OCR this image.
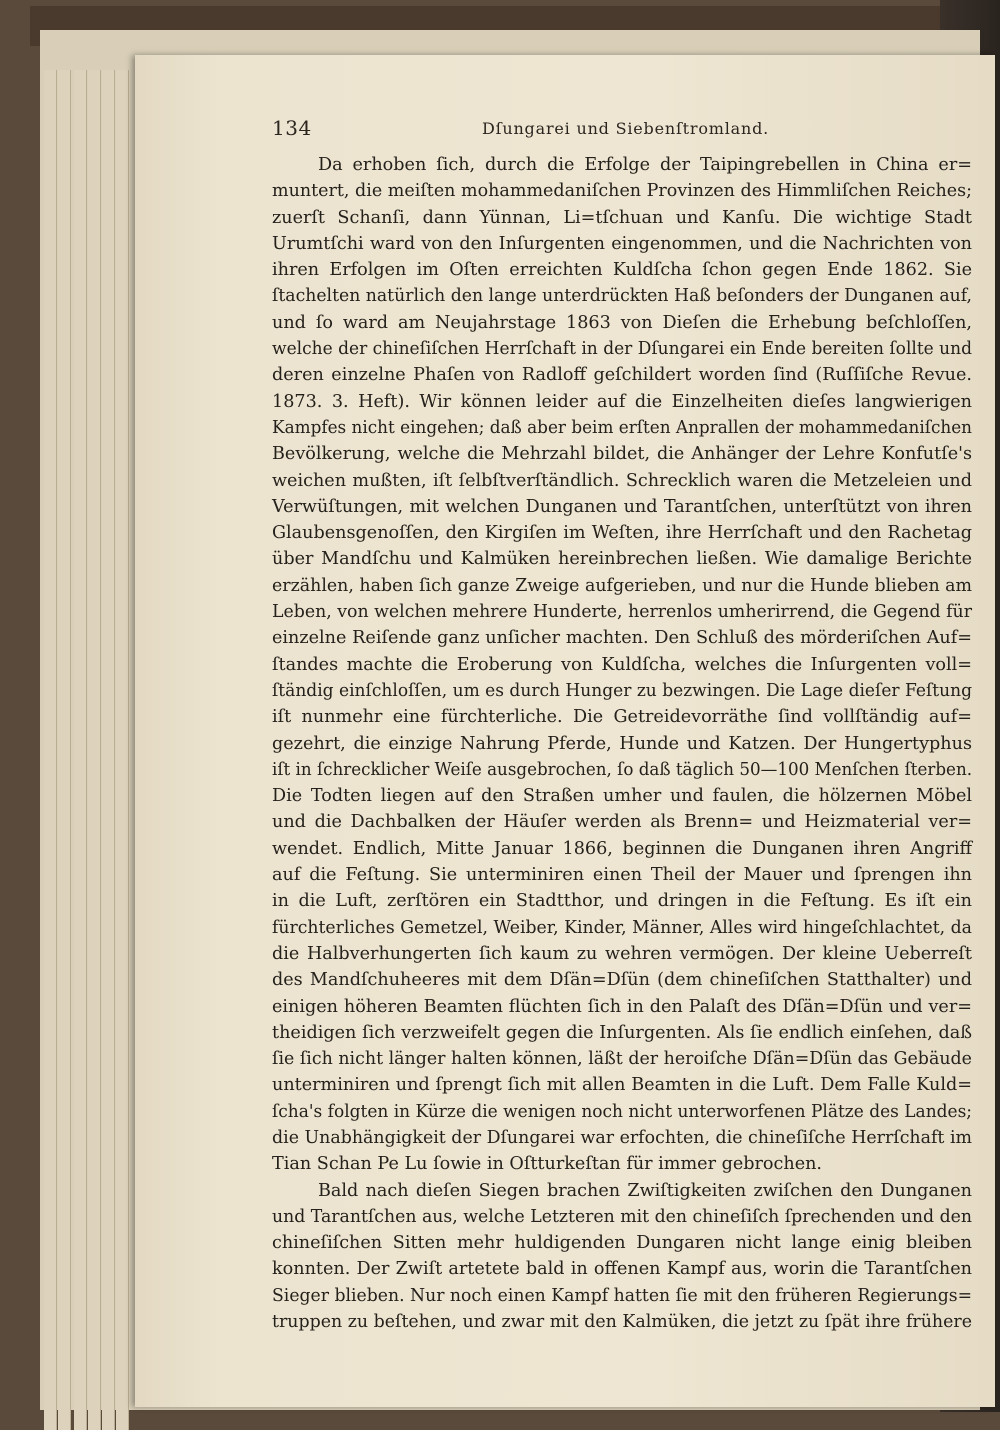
134	Dſungarei und Siebenſtromland.
Da erhoben ſich, durch die Erfolge der Taipingrebellen in China er=
muntert, die meiſten mohammedaniſchen Provinzen des Himmliſchen Reiches;
zuerſt Schanſi, dann Yünnan, Li=tſchuan und Kanſu. Die wichtige Stadt
Urumtſchi ward von den Inſurgenten eingenommen, und die Nachrichten von
ihren Erfolgen im Oſten erreichten Kuldſcha ſchon gegen Ende 1862. Sie
ſtachelten natürlich den lange unterdrückten Haß beſonders der Dunganen auf,
und ſo ward am Neujahrstage 1863 von Dieſen die Erhebung beſchloſſen,
welche der chineſiſchen Herrſchaft in der Dſungarei ein Ende bereiten ſollte und
deren einzelne Phaſen von Radloff geſchildert worden ſind (Ruſſiſche Revue.
1873. 3. Heft). Wir können leider auf die Einzelheiten dieſes langwierigen
Kampfes nicht eingehen; daß aber beim erſten Anprallen der mohammedaniſchen
Bevölkerung, welche die Mehrzahl bildet, die Anhänger der Lehre Konfutſe's
weichen mußten, iſt ſelbſtverſtändlich. Schrecklich waren die Metzeleien und
Verwüſtungen, mit welchen Dunganen und Tarantſchen, unterſtützt von ihren
Glaubensgenoſſen, den Kirgiſen im Weſten, ihre Herrſchaft und den Rachetag
über Mandſchu und Kalmüken hereinbrechen ließen. Wie damalige Berichte
erzählen, haben ſich ganze Zweige aufgerieben, und nur die Hunde blieben am
Leben, von welchen mehrere Hunderte, herrenlos umherirrend, die Gegend für
einzelne Reiſende ganz unſicher machten. Den Schluß des mörderiſchen Auf=
ſtandes machte die Eroberung von Kuldſcha, welches die Inſurgenten voll=
ſtändig einſchloſſen, um es durch Hunger zu bezwingen. Die Lage dieſer Feſtung
iſt nunmehr eine fürchterliche. Die Getreidevorräthe ſind vollſtändig auf=
gezehrt, die einzige Nahrung Pferde, Hunde und Katzen. Der Hungertyphus
iſt in ſchrecklicher Weiſe ausgebrochen, ſo daß täglich 50—100 Menſchen ſterben.
Die Todten liegen auf den Straßen umher und faulen, die hölzernen Möbel
und die Dachbalken der Häuſer werden als Brenn= und Heizmaterial ver=
wendet. Endlich, Mitte Januar 1866, beginnen die Dunganen ihren Angriff
auf die Feſtung. Sie unterminiren einen Theil der Mauer und ſprengen ihn
in die Luft, zerſtören ein Stadtthor, und dringen in die Feſtung. Es iſt ein
fürchterliches Gemetzel, Weiber, Kinder, Männer, Alles wird hingeſchlachtet, da
die Halbverhungerten ſich kaum zu wehren vermögen. Der kleine Ueberreſt
des Mandſchuheeres mit dem Dſän=Dſün (dem chineſiſchen Statthalter) und
einigen höheren Beamten flüchten ſich in den Palaſt des Dſän=Dſün und ver=
theidigen ſich verzweifelt gegen die Inſurgenten. Als ſie endlich einſehen, daß
ſie ſich nicht länger halten können, läßt der heroiſche Dſän=Dſün das Gebäude
unterminiren und ſprengt ſich mit allen Beamten in die Luft. Dem Falle Kuld=
ſcha's folgten in Kürze die wenigen noch nicht unterworfenen Plätze des Landes;
die Unabhängigkeit der Dſungarei war erfochten, die chineſiſche Herrſchaft im
Tian Schan Pe Lu ſowie in Oſtturkeſtan für immer gebrochen.
Bald nach dieſen Siegen brachen Zwiſtigkeiten zwiſchen den Dunganen
und Tarantſchen aus, welche Letzteren mit den chineſiſch ſprechenden und den
chineſiſchen Sitten mehr huldigenden Dungaren nicht lange einig bleiben
konnten. Der Zwiſt artetete bald in offenen Kampf aus, worin die Tarantſchen
Sieger blieben. Nur noch einen Kampf hatten ſie mit den früheren Regierungs=
truppen zu beſtehen, und zwar mit den Kalmüken, die jetzt zu ſpät ihre frühere
